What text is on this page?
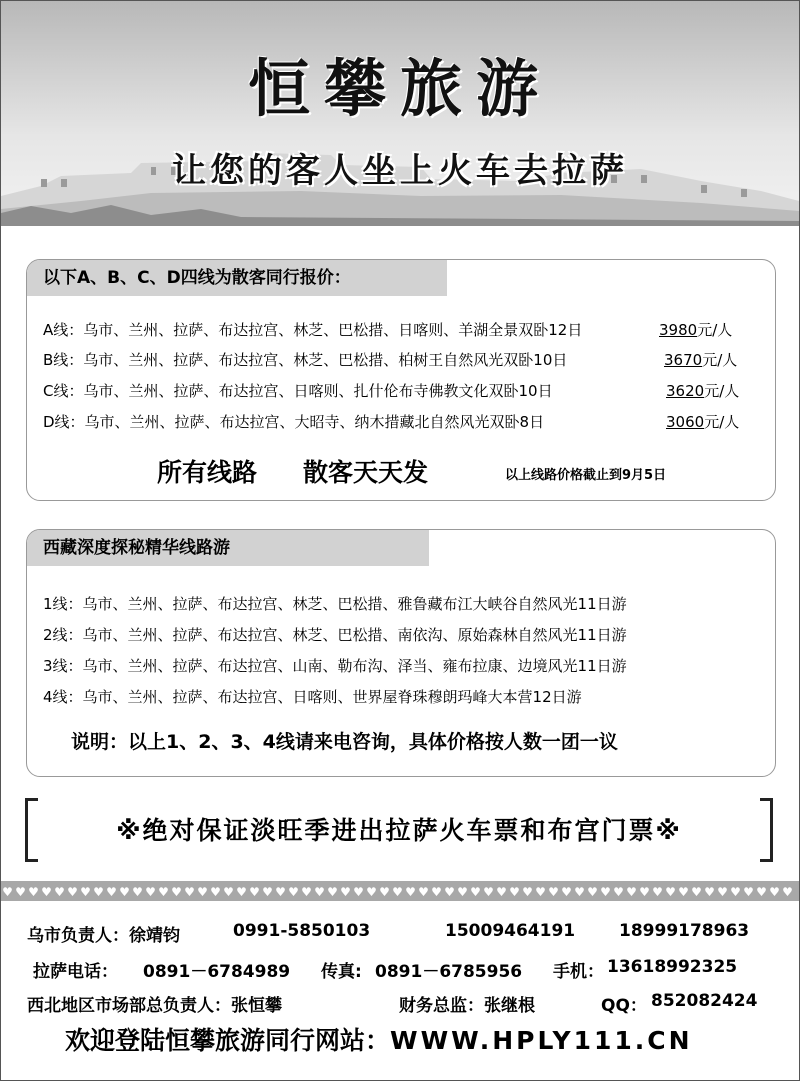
恒攀旅游
让您的客人坐上火车去拉萨
以下A、B、C、D四线为散客同行报价：
A线：乌市、兰州、拉萨、布达拉宫、林芝、巴松措、日喀则、羊湖全景双卧12日	3980元/人
B线：乌市、兰州、拉萨、布达拉宫、林芝、巴松措、柏树王自然风光双卧10日	3670元/人
C线：乌市、兰州、拉萨、布达拉宫、日喀则、扎什伦布寺佛教文化双卧10日	3620元/人
D线：乌市、兰州、拉萨、布达拉宫、大昭寺、纳木措藏北自然风光双卧8日	3060元/人
所有线路 散客天天发	以上线路价格截止到9月5日
西藏深度探秘精华线路游
1线：乌市、兰州、拉萨、布达拉宫、林芝、巴松措、雅鲁藏布江大峡谷自然风光11日游
2线：乌市、兰州、拉萨、布达拉宫、林芝、巴松措、南依沟、原始森林自然风光11日游
3线：乌市、兰州、拉萨、布达拉宫、山南、勒布沟、泽当、雍布拉康、边境风光11日游
4线：乌市、兰州、拉萨、布达拉宫、日喀则、世界屋脊珠穆朗玛峰大本营12日游
说明：以上1、2、3、4线请来电咨询，具体价格按人数一团一议
※绝对保证淡旺季进出拉萨火车票和布宫门票※
♥ ♥ ♥ ♥ ♥ ♥ ♥ ♥ ♥ ♥ ♥ ♥ ♥ ♥ ♥ ♥ ♥ ♥ ♥ ♥ ♥ ♥ ♥ ♥ ♥ ♥ ♥ ♥ ♥ ♥ ♥ ♥ ♥ ♥ ♥ ♥ ♥ ♥ ♥ ♥ ♥ ♥ ♥ ♥ ♥ ♥ ♥ ♥ ♥ ♥ ♥ ♥ ♥ ♥ ♥ ♥ ♥ ♥ ♥ ♥ ♥
乌市负责人：徐靖钧	0991-5850103	15009464191	18999178963
拉萨电话： 0891－6784989 传真: 0891－6785956 手机： 13618992325
西北地区市场部总负责人：张恒攀	财务总监：张继根	QQ： 852082424
欢迎登陆恒攀旅游同行网站：WWW.HPLY111.CN
